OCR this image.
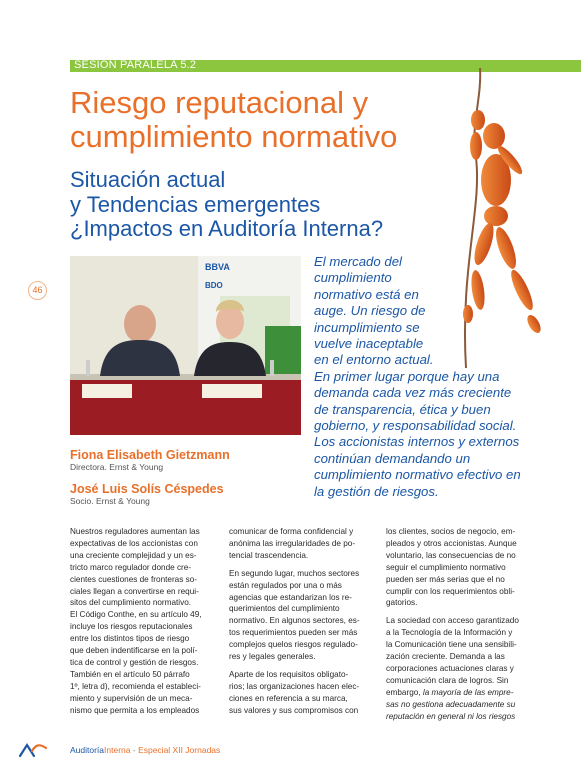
SESIÓN PARALELA 5.2
Riesgo reputacional y
cumplimiento normativo
Situación actual
y Tendencias emergentes
¿Impactos en Auditoría Interna?
46
BBVA
BDO
El mercado del
cumplimiento
normativo está en
auge. Un riesgo de
incumplimiento se
vuelve inaceptable
en el entorno actual.
En primer lugar porque hay una
demanda cada vez más creciente
de transparencia, ética y buen
gobierno, y responsabilidad social.
Los accionistas internos y externos
continúan demandando un
cumplimiento normativo efectivo en
la gestión de riesgos.
Fiona Elisabeth Gietzmann
Directora. Ernst & Young
José Luis Solís Céspedes
Socio. Ernst & Young

Nuestros reguladores aumentan las
expectativas de los accionistas con
una creciente complejidad y un es-
tricto marco regulador donde cre-
cientes cuestiones de fronteras so-
ciales llegan a convertirse en requi-
sitos del cumplimiento normativo.
El Código Conthe, en su artículo 49,
incluye los riesgos reputacionales
entre los distintos tipos de riesgo
que deben indentificarse en la polí-
tica de control y gestión de riesgos.
También en el artículo 50 párrafo
1º, letra d), recomienda el estableci-
miento y supervisión de un meca-
nismo que permita a los empleados

comunicar de forma confidencial y
anónima las irregularidades de po-
tencial trascendencia.

En segundo lugar, muchos sectores
están regulados por una o más
agencias que estandarizan los re-
querimientos del cumplimiento
normativo. En algunos sectores, es-
tos requerimientos pueden ser más
complejos quelos riesgos regulado-
res y legales generales.

Aparte de los requisitos obligato-
rios; las organizaciones hacen elec-
ciones en referencia a su marca,
sus valores y sus compromisos con

los clientes, socios de negocio, em-
pleados y otros accionistas. Aunque
voluntario, las consecuencias de no
seguir el cumplimiento normativo
pueden ser más serias que el no
cumplir con los requerimientos obli-
gatorios.

La sociedad con acceso garantizado
a la Tecnología de la Información y
la Comunicación tiene una sensibili-
zación creciente. Demanda a las
corporaciones actuaciones claras y
comunicación clara de logros. Sin
embargo, la mayoría de las empre-
sas no gestiona adecuadamente su
reputación en general ni los riesgos

AuditoríaInterna - Especial XII Jornadas
